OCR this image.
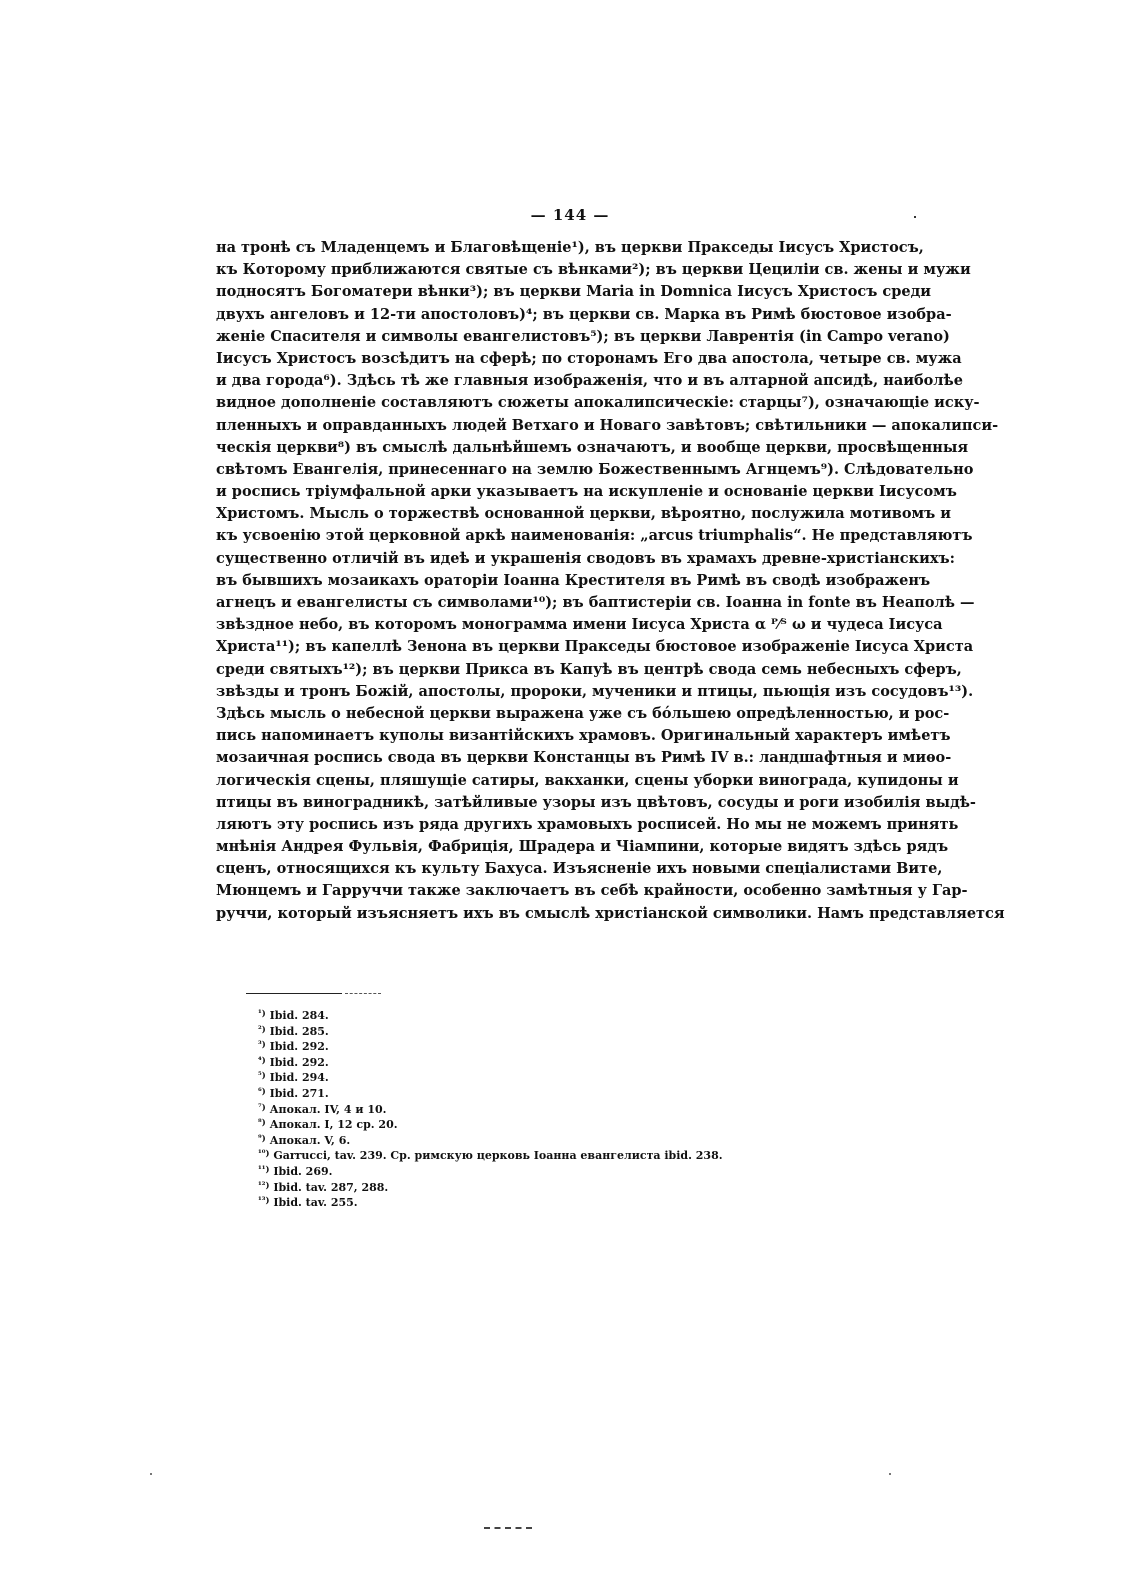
— 144 —

на тронѣ съ Младенцемъ и Благовѣщеніе¹), въ церкви Пракседы Іисусъ Христосъ,
къ Которому приближаются святые съ вѣнками²); въ церкви Цециліи св. жены и мужи
подносятъ Богоматери вѣнки³); въ церкви Maria in Domnica Іисусъ Христосъ среди
двухъ ангеловъ и 12-ти апостоловъ)⁴; въ церкви св. Марка въ Римѣ бюстовое изобра-
женіе Спасителя и символы евангелистовъ⁵); въ церкви Лаврентія (in Campo verano)
Іисусъ Христосъ возсѣдитъ на сферѣ; по сторонамъ Его два апостола, четыре св. мужа
и два города⁶). Здѣсь тѣ же главныя изображенія, что и въ алтарной апсидѣ, наиболѣе
видное дополненіе составляютъ сюжеты апокалипсическіе: старцы⁷), означающіе иску-
пленныхъ и оправданныхъ людей Ветхаго и Новаго завѣтовъ; свѣтильники — апокалипси-
ческія церкви⁸) въ смыслѣ дальнѣйшемъ означаютъ, и вообще церкви, просвѣщенныя
свѣтомъ Евангелія, принесеннаго на землю Божественнымъ Агнцемъ⁹). Слѣдовательно
и роспись тріумфальной арки указываетъ на искупленіе и основаніе церкви Іисусомъ
Христомъ. Мысль о торжествѣ основанной церкви, вѣроятно, послужила мотивомъ и
къ усвоенію этой церковной аркѣ наименованія: „arcus triumphalis“. Не представляютъ
существенно отличій въ идеѣ и украшенія сводовъ въ храмахъ древне-христіанскихъ:
въ бывшихъ мозаикахъ ораторіи Іоанна Крестителя въ Римѣ въ сводѣ изображенъ
агнецъ и евангелисты съ символами¹⁰); въ баптистеріи св. Іоанна in fonte въ Неаполѣ —
звѣздное небо, въ которомъ монограмма имени Іисуса Христа α ᴾ⁄ᵀ ω и чудеса Іисуса
Христа¹¹); въ капеллѣ Зенона въ церкви Пракседы бюстовое изображеніе Іисуса Христа
среди святыхъ¹²); въ церкви Прикса въ Капуѣ въ центрѣ свода семь небесныхъ сферъ,
звѣзды и тронъ Божій, апостолы, пророки, мученики и птицы, пьющія изъ сосудовъ¹³).
Здѣсь мысль о небесной церкви выражена уже съ бóльшею опредѣленностью, и рос-
пись напоминаетъ куполы византійскихъ храмовъ. Оригинальный характеръ имѣетъ
мозаичная роспись свода въ церкви Констанцы въ Римѣ IV в.: ландшафтныя и миѳо-
логическія сцены, пляшущіе сатиры, вакханки, сцены уборки винограда, купидоны и
птицы въ виноградникѣ, затѣйливые узоры изъ цвѣтовъ, сосуды и роги изобилія выдѣ-
ляютъ эту роспись изъ ряда другихъ храмовыхъ росписей. Но мы не можемъ принять
мнѣнія Андрея Фульвія, Фабриція, Шрадера и Чіампини, которые видятъ здѣсь рядъ
сценъ, относящихся къ культу Бахуса. Изъясненіе ихъ новыми спеціалистами Вите,
Мюнцемъ и Гарруччи также заключаетъ въ себѣ крайности, особенно замѣтныя у Гар-
руччи, который изъясняетъ ихъ въ смыслѣ христіанской символики. Намъ представляется

$^{^1)}$ Ibid. 284.
$^{^2)}$ Ibid. 285.
$^{^3)}$ Ibid. 292.
$^{^4)}$ Ibid. 292.
$^{^5)}$ Ibid. 294.
$^{^6)}$ Ibid. 271.
$^{^7)}$ Апокал. IV, 4 и 10.
$^{^8)}$ Апокал. I, 12 ср. 20.
$^{^9)}$ Апокал. V, 6.
$^{^{10})}$ Garrucci, tav. 239. Ср. римскую церковь Іоанна евангелиста ibid. 238.
$^{^{11})}$ Ibid. 269.
$^{^{12})}$ Ibid. tav. 287, 288.
$^{^{13})}$ Ibid. tav. 255.
